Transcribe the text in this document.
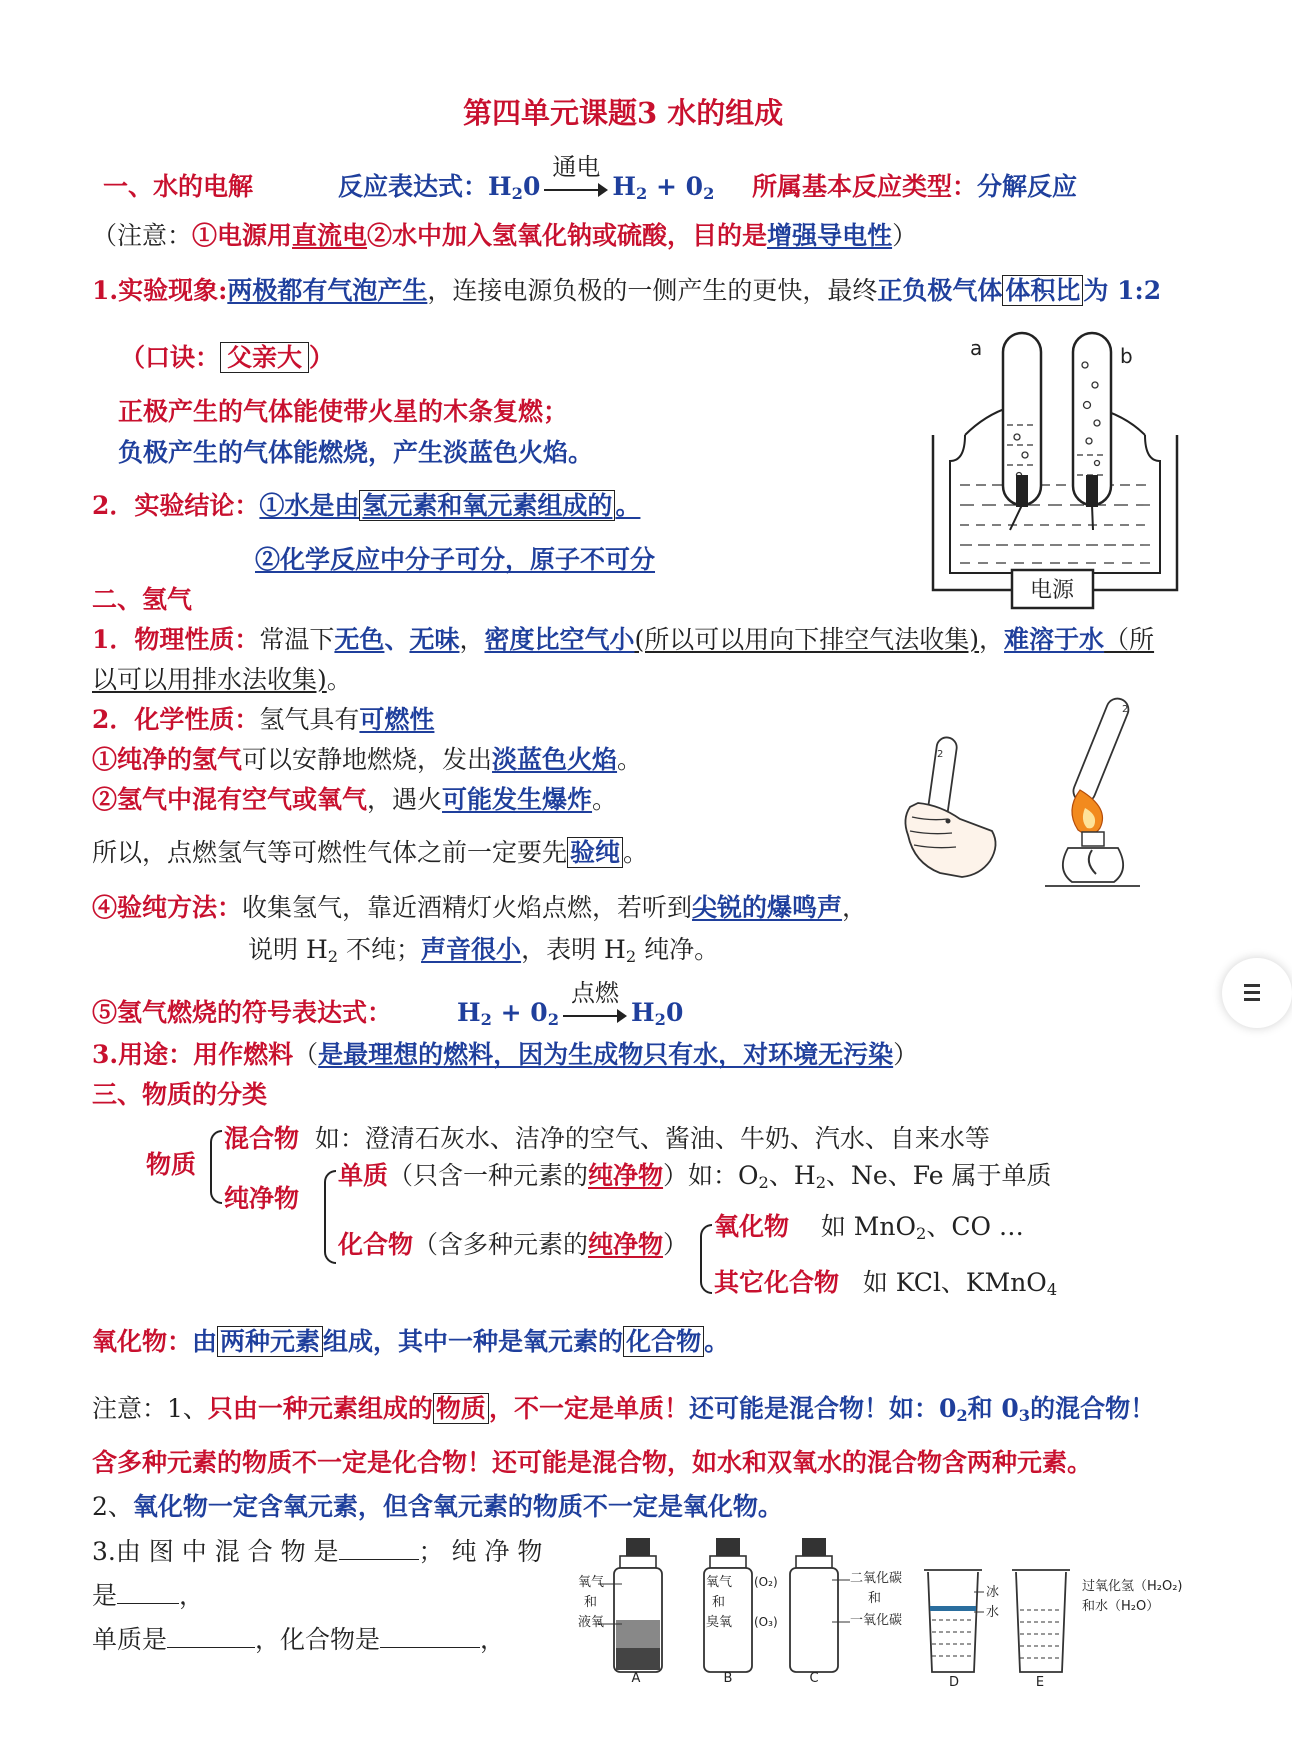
第四单元课题3 水的组成
一、水的电解	反应表达式：$H_20$
通电
$H_2 + 0_2$ 所属基本反应类型：分解反应
（注意：①电源用直流电②水中加入氢氧化钠或硫酸，目的是增强导电性）
1.实验现象:两极都有气泡产生，连接电源负极的一侧产生的更快，最终正负极气体 体积比 为 1:2
（口诀： 父亲大 ）
正极产生的气体能使带火星的木条复燃；
负极产生的气体能燃烧，产生淡蓝色火焰。
2．实验结论：①水是由 氢元素和氧元素组成的 。
②化学反应中分子可分，原子不可分
a	b
电源
二、氢气
1．物理性质：常温下无色、无味，密度比空气小(所以可以用向下排空气法收集)，难溶于水（所
以可以用排水法收集)。
2．化学性质：氢气具有可燃性
①纯净的氢气可以安静地燃烧，发出淡蓝色火焰。
②氢气中混有空气或氧气，遇火可能发生爆炸。
所以，点燃氢气等可燃性气体之前一定要先 验纯 。
④验纯方法：收集氢气，靠近酒精灯火焰点燃，若听到尖锐的爆鸣声，
说明 $H_2$ 不纯；声音很小，表明 $H_2$ 纯净。
2
2
⑤氢气燃烧的符号表达式：	$H_2 + 0_2$
点燃
$H_20$
3.用途：用作燃料（是最理想的燃料，因为生成物只有水，对环境无污染）
三、物质的分类
物质
混合物 如：澄清石灰水、洁净的空气、酱油、牛奶、汽水、自来水等
纯净物
单质（只含一种元素的纯净物）如：$O_2$、$H_2$、Ne、Fe 属于单质
化合物（含多种元素的纯净物）
氧化物 如 MnO$_2$、CO …
其它化合物 如 KCl、KMnO$_4$
氧化物：由 两种元素 组成，其中一种是氧元素的 化合物 。
注意：1、只由一种元素组成的 物质 ，不一定是单质！还可能是混合物！如：$0_2$和 $0_3$的混合物！
含多种元素的物质不一定是化合物！还可能是混合物，如水和双氧水的混合物含两种元素。
2、氧化物一定含氧元素，但含氧元素的物质不一定是氧化物。
3.由 图 中 混 合 物 是	； 纯 净 物
是 ，
单质是	，化合物是	，
氧气
和
液氧
A
氧气 (O₂)
和
臭氧 (O₃)
B
二氧化碳
和
一氧化碳
C
冰
水
D
过氧化氢（H₂O₂)
和水（H₂O）
E
